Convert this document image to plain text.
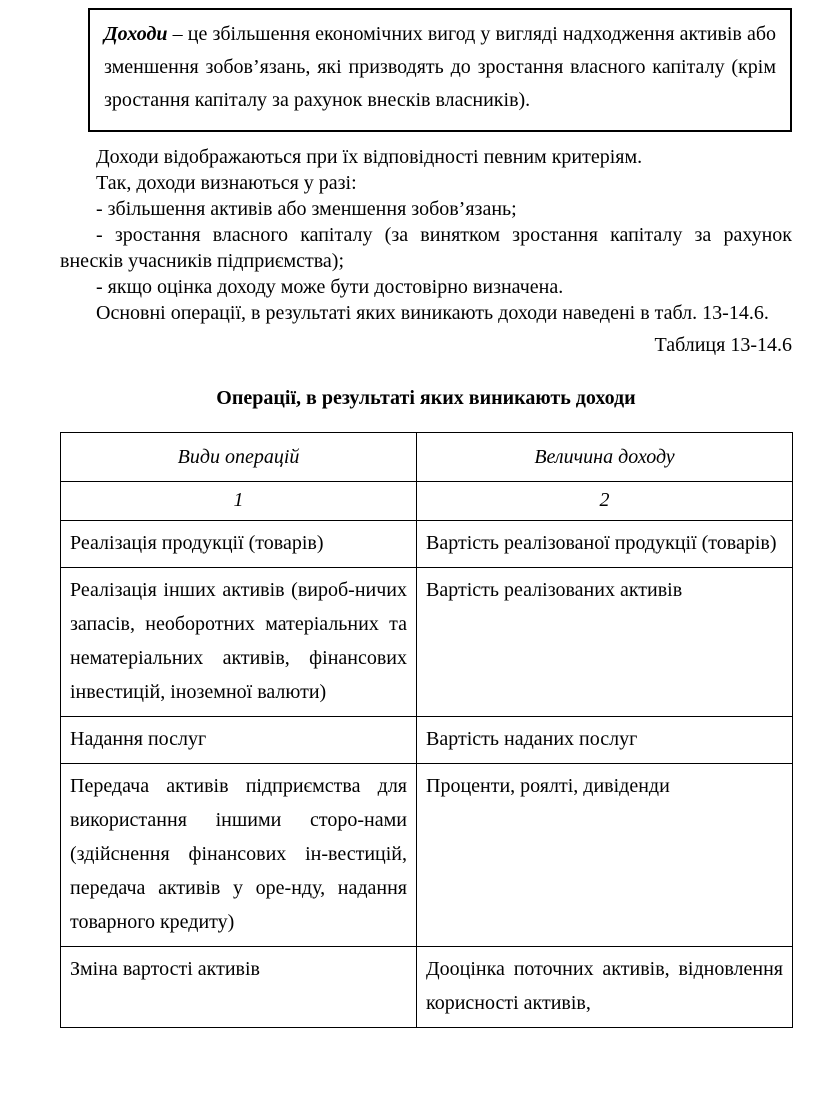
Доходи – це збільшення економічних вигод у вигляді надходження активів або зменшення зобов’язань, які призводять до зростання власного капіталу (крім зростання капіталу за рахунок внесків власників).

Доходи відображаються при їх відповідності певним критеріям.

Так, доходи визнаються у разі:

- збільшення активів або зменшення зобов’язань;

- зростання власного капіталу (за винятком зростання капіталу за рахунок внесків учасників підприємства);

- якщо оцінка доходу може бути достовірно визначена.

Основні операції, в результаті яких виникають доходи наведені в табл. 13-14.6.

Таблиця 13-14.6

Операції, в результаті яких виникають доходи

Види операцій	Величина доходу
1	2
Реалізація продукції (товарів)	Вартість реалізованої продукції (товарів)
Реалізація інших активів (вироб-ничих запасів, необоротних матеріальних та нематеріальних активів, фінансових інвестицій, іноземної валюти)	Вартість реалізованих активів
Надання послуг	Вартість наданих послуг
Передача активів підприємства для використання іншими сторо-нами (здійснення фінансових ін-вестицій, передача активів у оре-нду, надання товарного кредиту)	Проценти, роялті, дивіденди
Зміна вартості активів	Дооцінка поточних активів, відновлення корисності активів,
